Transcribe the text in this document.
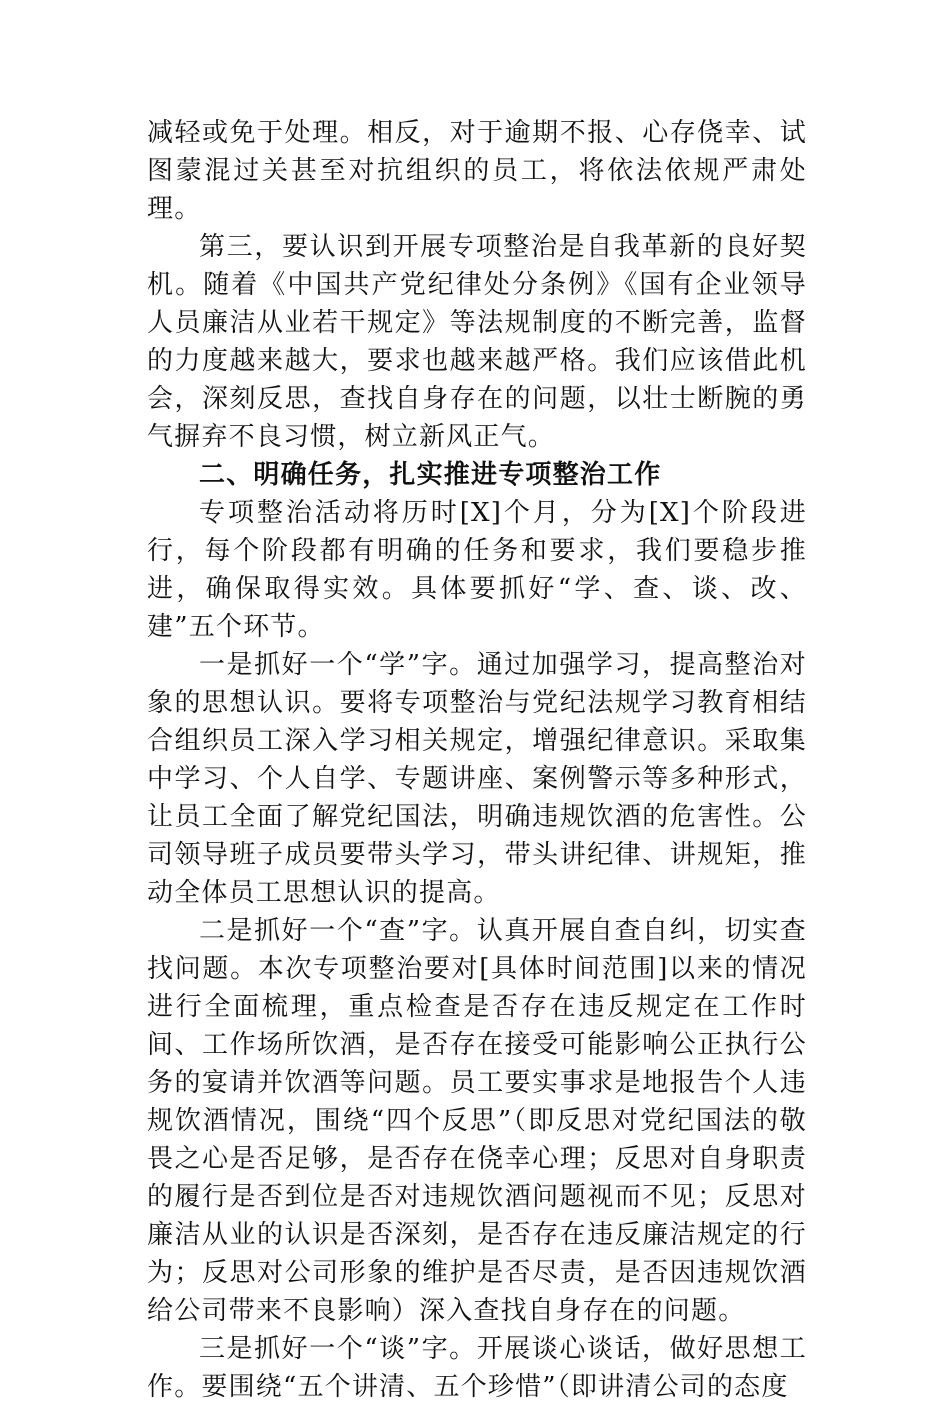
减轻或免于处理。相反，对于逾期不报、心存侥幸、试图蒙混过关甚至对抗组织的员工，将依法依规严肃处理。

第三，要认识到开展专项整治是自我革新的良好契机。随着《中国共产党纪律处分条例》《国有企业领导人员廉洁从业若干规定》等法规制度的不断完善，监督的力度越来越大，要求也越来越严格。我们应该借此机会，深刻反思，查找自身存在的问题，以壮士断腕的勇气摒弃不良习惯，树立新风正气。

二、明确任务，扎实推进专项整治工作

专项整治活动将历时[X]个月，分为[X]个阶段进行，每个阶段都有明确的任务和要求，我们要稳步推进，确保取得实效。具体要抓好“学、查、谈、改、建”五个环节。

一是抓好一个“学”字。通过加强学习，提高整治对象的思想认识。要将专项整治与党纪法规学习教育相结合组织员工深入学习相关规定，增强纪律意识。采取集中学习、个人自学、专题讲座、案例警示等多种形式，让员工全面了解党纪国法，明确违规饮酒的危害性。公司领导班子成员要带头学习，带头讲纪律、讲规矩，推动全体员工思想认识的提高。

二是抓好一个“查”字。认真开展自查自纠，切实查找问题。本次专项整治要对[具体时间范围]以来的情况进行全面梳理，重点检查是否存在违反规定在工作时间、工作场所饮酒，是否存在接受可能影响公正执行公务的宴请并饮酒等问题。员工要实事求是地报告个人违规饮酒情况，围绕“四个反思”（即反思对党纪国法的敬畏之心是否足够，是否存在侥幸心理；反思对自身职责的履行是否到位是否对违规饮酒问题视而不见；反思对廉洁从业的认识是否深刻，是否存在违反廉洁规定的行为；反思对公司形象的维护是否尽责，是否因违规饮酒给公司带来不良影响）深入查找自身存在的问题。

三是抓好一个“谈”字。开展谈心谈话，做好思想工作。要围绕“五个讲清、五个珍惜”（即讲清公司的态度
